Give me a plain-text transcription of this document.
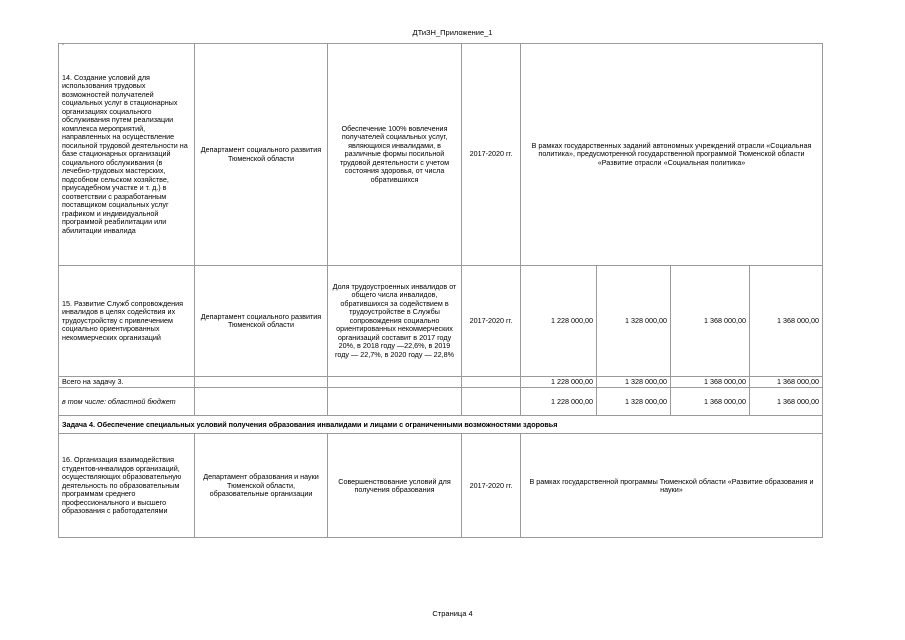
ДТиЗН_Приложение_1
.
14. Создание условий для использования трудовых возможностей получателей социальных услуг в стационарных организациях социального обслуживания путем реализации комплекса мероприятий, направленных на осуществление посильной трудовой деятельности на базе стационарных организаций социального обслуживания (в лечебно-трудовых мастерских, подсобном сельском хозяйстве, приусадебном участке и т. д.) в соответствии с разработанным поставщиком социальных услуг графиком и индивидуальной программой реабилитации или абилитации инвалида	Департамент социального развития Тюменской области	Обеспечение 100% вовлечения получателей социальных услуг, являющихся инвалидами, в различные формы посильной трудовой деятельности с учетом состояния здоровья, от числа обратившихся	2017-2020 гг.	В рамках государственных заданий автономных учреждений отрасли «Социальная политика», предусмотренной государственной программой Тюменской области «Развитие отрасли «Социальная политика»			
15. Развитие Служб сопровождения инвалидов в целях содействия их трудоустройству с привлечением социально ориентированных некоммерческих организаций	Департамент социального развития Тюменской области	Доля трудоустроенных инвалидов от общего числа инвалидов, обратившихся за содействием в трудоустройстве в Службы сопровождения социально ориентированных некоммерческих организаций составит в 2017 году 20%, в 2018 году —22,6%, в 2019 году — 22,7%, в 2020 году — 22,8%	2017-2020 гг.	1 228 000,00	1 328 000,00	1 368 000,00	1 368 000,00
Всего на задачу 3.				1 228 000,00	1 328 000,00	1 368 000,00	1 368 000,00
в том числе: областной бюджет				1 228 000,00	1 328 000,00	1 368 000,00	1 368 000,00
Задача 4. Обеспечение специальных условий получения образования инвалидами и лицами с ограниченными возможностями здоровья							
16. Организация взаимодействия студентов-инвалидов организаций, осуществляющих образовательную деятельность по образовательным программам среднего профессионального и высшего образования с работодателями	Департамент образования и науки Тюменской области, образовательные организации	Совершенствование условий для получения образования	2017-2020 гг.	В рамках государственной программы Тюменской области «Развитие образования и науки»			
Страница 4
